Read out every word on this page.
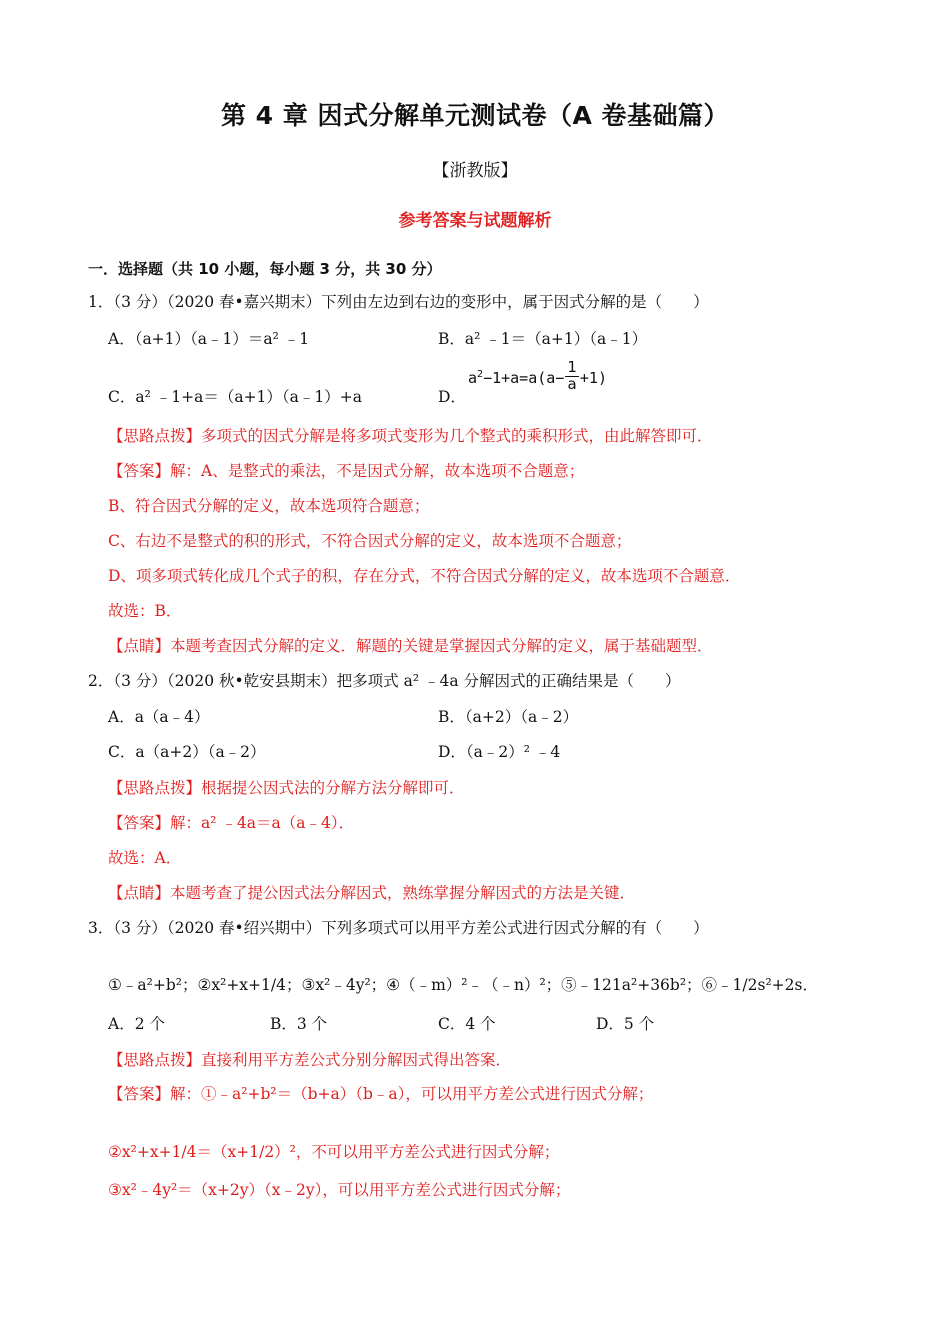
第 4 章 因式分解单元测试卷（A 卷基础篇）
【浙教版】
参考答案与试题解析
一．选择题（共 10 小题，每小题 3 分，共 30 分）
1．（3 分）（2020 春•嘉兴期末）下列由左边到右边的变形中，属于因式分解的是（　　）
A．（a+1）（a﹣1）＝a² ﹣1	B．a² ﹣1＝（a+1）（a﹣1）
C．a² ﹣1+a＝（a+1）（a﹣1）+a	D．
$a^2-1+a=a(a- \frac{1}{a} +1)$
【思路点拨】多项式的因式分解是将多项式变形为几个整式的乘积形式，由此解答即可．
【答案】解：A、是整式的乘法，不是因式分解，故本选项不合题意；
B、符合因式分解的定义，故本选项符合题意；
C、右边不是整式的积的形式，不符合因式分解的定义，故本选项不合题意；
D、项多项式转化成几个式子的积，存在分式，不符合因式分解的定义，故本选项不合题意．
故选：B．
【点睛】本题考查因式分解的定义．解题的关键是掌握因式分解的定义，属于基础题型．
2．（3 分）（2020 秋•乾安县期末）把多项式 a² ﹣4a 分解因式的正确结果是（　　）
A．a（a﹣4）	B．（a+2）（a﹣2）
C．a（a+2）（a﹣2）	D．（a﹣2）² ﹣4
【思路点拨】根据提公因式法的分解方法分解即可．
【答案】解：a² ﹣4a＝a（a﹣4）．
故选：A．
【点睛】本题考查了提公因式法分解因式，熟练掌握分解因式的方法是关键．
3．（3 分）（2020 春•绍兴期中）下列多项式可以用平方差公式进行因式分解的有（　　）
①﹣a²+b²；②x²+x+1/4；③x²﹣4y²；④（﹣m）²﹣（﹣n）²；⑤﹣121a²+36b²；⑥﹣1/2s²+2s．
A．2 个	B．3 个	C．4 个	D．5 个
【思路点拨】直接利用平方差公式分别分解因式得出答案．
【答案】解：①﹣a²+b²＝（b+a）（b﹣a），可以用平方差公式进行因式分解；
②x²+x+1/4＝（x+1/2）²，不可以用平方差公式进行因式分解；
③x²﹣4y²＝（x+2y）（x﹣2y），可以用平方差公式进行因式分解；
